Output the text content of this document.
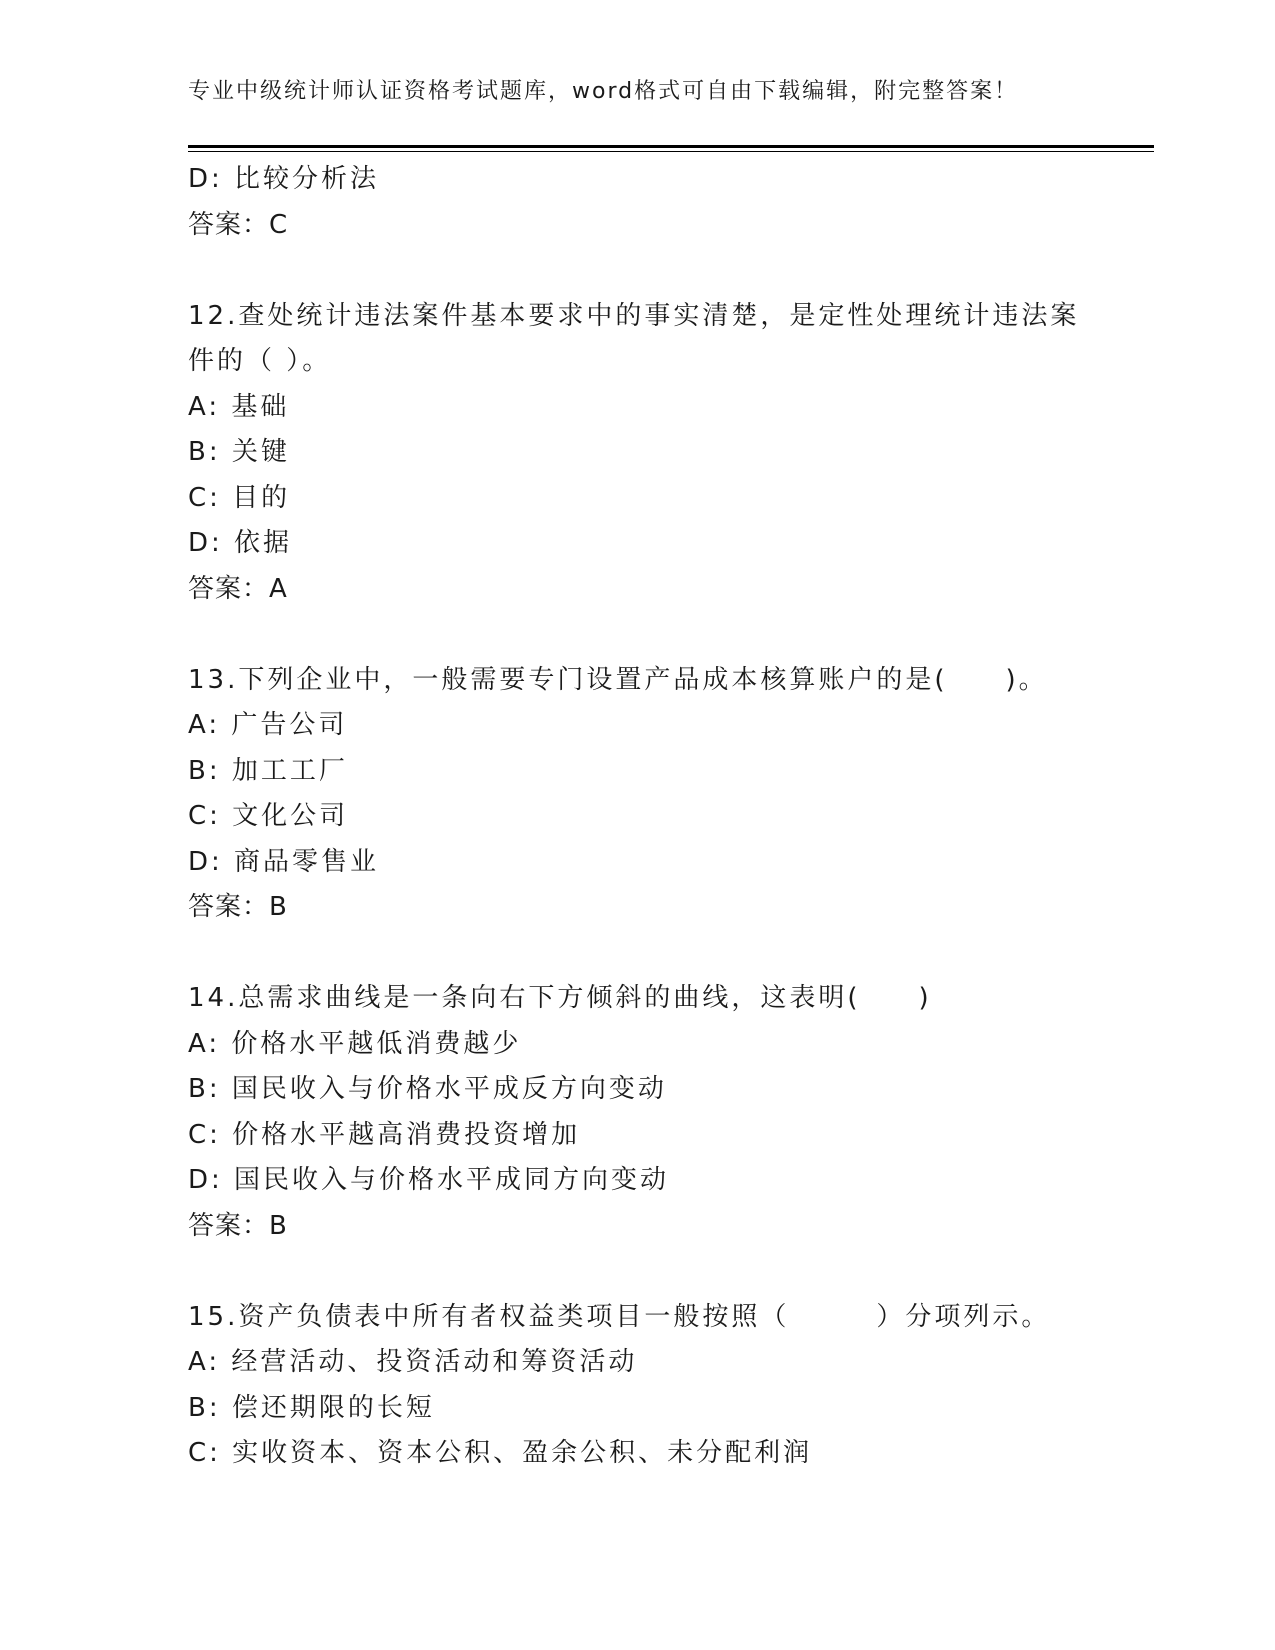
专业中级统计师认证资格考试题库，word格式可自由下载编辑，附完整答案！
D: 比较分析法
答案：C
12.查处统计违法案件基本要求中的事实清楚，是定性处理统计违法案
件的（ ）。
A: 基础
B: 关键
C: 目的
D: 依据
答案：A
13.下列企业中，一般需要专门设置产品成本核算账户的是(　　)。
A: 广告公司
B: 加工工厂
C: 文化公司
D: 商品零售业
答案：B
14.总需求曲线是一条向右下方倾斜的曲线，这表明(　　)
A: 价格水平越低消费越少
B: 国民收入与价格水平成反方向变动
C: 价格水平越高消费投资增加
D: 国民收入与价格水平成同方向变动
答案：B
15.资产负债表中所有者权益类项目一般按照（　　　）分项列示。
A: 经营活动、投资活动和筹资活动
B: 偿还期限的长短
C: 实收资本、资本公积、盈余公积、未分配利润
